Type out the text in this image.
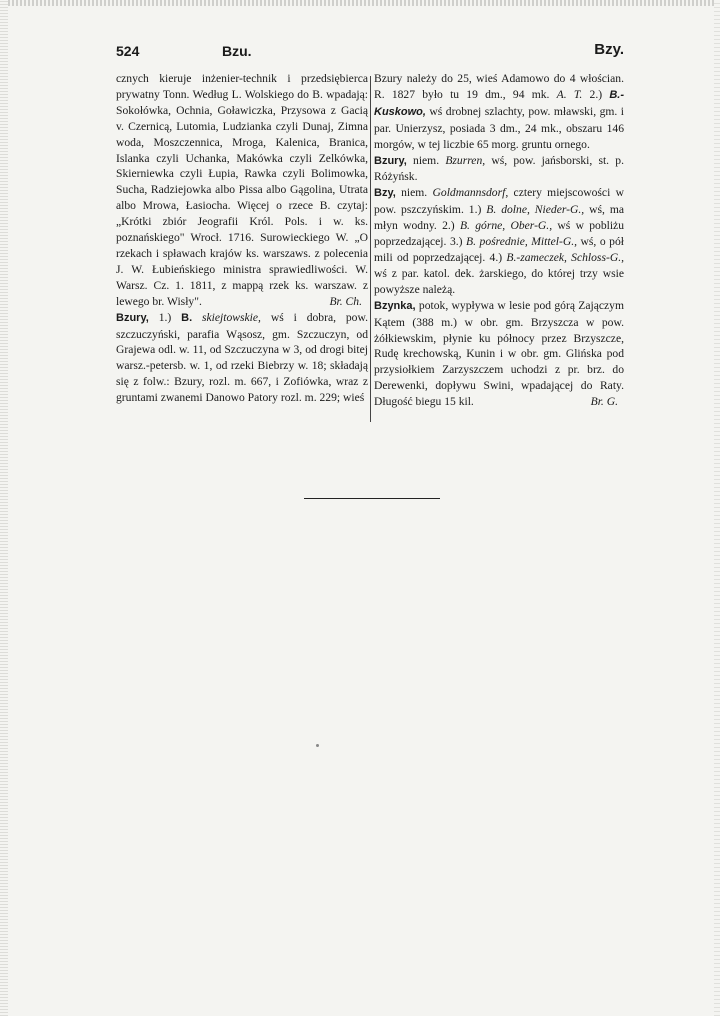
524	Bzu.	Bzy.

cznych kieruje inżenier-technik i przedsiębierca prywatny Tonn. Według L. Wolskiego do B. wpadają: Sokołówka, Ochnia, Goławiczka, Przysowa z Gacią v. Czernicą, Lutomia, Ludzianka czyli Dunaj, Zimna woda, Moszczennica, Mroga, Kalenica, Branica, Islanka czyli Uchanka, Makówka czyli Zelkówka, Skierniewka czyli Łupia, Rawka czyli Bolimowka, Sucha, Radziejowka albo Pissa albo Gągolina, Utrata albo Mrowa, Łasiocha. Więcej o rzece B. czytaj: „Krótki zbiór Jeografii Król. Pols. i w. ks. poznańskiego" Wrocł. 1716. Surowieckiego W. „O rzekach i spławach krajów ks. warszaws. z polecenia J. W. Łubieńskiego ministra sprawiedliwości. W. Warsz. Cz. 1. 1811, z mappą rzek ks. warszaw. z lewego br. Wisły".	Br. Ch.

Bzury, 1.) B. skiejtowskie, wś i dobra, pow. szczuczyński, parafia Wąsosz, gm. Szczuczyn, od Grajewa odl. w. 11, od Szczuczyna w 3, od drogi bitej warsz.-petersb. w. 1, od rzeki Biebrzy w. 18; składają się z folw.: Bzury, rozl. m. 667, i Zofiówka, wraz z gruntami zwanemi Danowo Patory rozl. m. 229; wieś

Bzury należy do 25, wieś Adamowo do 4 włościan. R. 1827 było tu 19 dm., 94 mk. A. T. 2.) B.-Kuskowo, wś drobnej szlachty, pow. mławski, gm. i par. Unierzysz, posiada 3 dm., 24 mk., obszaru 146 morgów, w tej liczbie 65 morg. gruntu ornego.

Bzury, niem. Bzurren, wś, pow. jańsborski, st. p. Różyńsk.

Bzy, niem. Goldmannsdorf, cztery miejscowości w pow. pszczyńskim. 1.) B. dolne, Nieder-G., wś, ma młyn wodny. 2.) B. górne, Ober-G., wś w pobliżu poprzedzającej. 3.) B. pośrednie, Mittel-G., wś, o pół mili od poprzedzającej. 4.) B.-zameczek, Schloss-G., wś z par. katol. dek. żarskiego, do której trzy wsie powyższe należą.

Bzynka, potok, wypływa w lesie pod górą Zajączym Kątem (388 m.) w obr. gm. Brzyszcza w pow. żółkiewskim, płynie ku północy przez Brzyszcze, Rudę krechowską, Kunin i w obr. gm. Glińska pod przysiołkiem Zarzyszczem uchodzi z pr. brz. do Derewenki, dopływu Swini, wpadającej do Raty. Długość biegu 15 kil.	Br. G.
